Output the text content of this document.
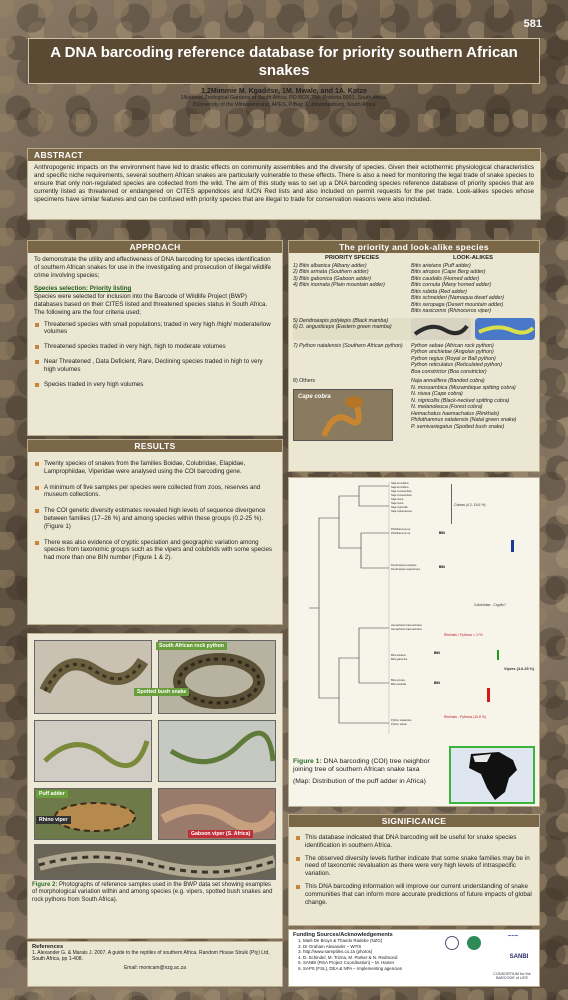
581
A DNA barcoding reference database for priority southern African snakes
1,2Mimmie M. Kgaditse, 1M. Mwale, and 1A. Kotze
1National Zoological Gardens of South Africa, PO BOX 754, Pretoria 0001, South Africa.
2University of the Witwatersrand, APES, P/Bag 3, Johannesburg, South Africa
ABSTRACT
Anthropogenic impacts on the environment have led to drastic effects on community assemblies and the diversity of species. Given their ectothermic physiological characteristics and specific niche requirements, several southern African snakes are particularly vulnerable to these effects. There is also a need for monitoring the legal trade of snake species to ensure that only non-regulated species are collected from the wild. The aim of this study was to set up a DNA barcoding species reference database of priority species that are currently listed as threatened or endangered on CITES appendices and IUCN Red lists and also included on permit requests for the pet trade. Look-alikes species whose specimens have similar features and can be confused with priority species that are illegal to trade for conservation reasons were also included.
APPROACH
To demonstrate the utility and effectiveness of DNA barcoding for species identification of southern African snakes for use in the investigating and prosecution of illegal wildlife crime involving species;
Species selection: Priority listing
Species were selected for inclusion into the Barcode of Wildlife Project (BWP) databases based on their CITES listed and threatened species status in South Africa. The following are the four criteria used;
Threatened species with small populations; traded in very high /high/ moderate/low volumes
Threatened species traded in very high, high to moderate volumes
Near Threatened , Data Deficient, Rare, Declining species traded in high to very high volumes
Species traded in very high volumes
RESULTS
Twenty species of snakes from the families Boidae, Colubridae, Elapidae, Lamprophiidae, Viperidae were analysed using the COI barcoding gene.
A minimum of five samples per species were collected from zoos, reserves and museum collections.
The COI genetic diversity estimates revealed high levels of sequence divergence between families (17–26 %) and among species within these groups (0.2-25 %). (Figure 1)
There was also evidence of cryptic speciation and geographic variation among species from taxonomic groups such as the vipers and colubrids with some species had more than one BIN number (Figure 1 & 2).
The priority and look-alike species
PRIORITY SPECIES	LOOK-ALIKES
1) Bitis albanica (Albany adder)
2) Bitis armata (Southern adder)
3) Bitis gabonica (Gaboon adder)
4) Bitis inornata (Plain mountain adder)
Bitis arietans (Puff adder)
Bitis atropos (Cape Berg adder)
Bitis caudalis (Horned adder)
Bitis cornuta (Many horned adder)
Bitis rubida (Red adder)
Bitis schneideri (Namaqua dwarf adder)
Bitis xeropaga (Desert mountain adder)
Bitis nasicornis (Rhinoceros viper)
5) Dendroaspis polylepis (Black mamba)
6) D. angusticeps (Eastern green mamba)
7) Python natalensis (Southern African python)	Python sebae (African rock python)
Python anchietae (Angolan python)
Python regius (Royal or Ball python)
Python reticulatus (Reticulated python)
Boa constrictor (Boa constrictor)
8) Others
Cape cobra
Naja annulifera (Banded cobra)
N. mossambica (Mozambique spitting cobra)
N. nivea (Cape cobra)
N. nigricollis (Black-necked spitting cobra)
N. melanoleuca (Forest cobra)
Hemachatus haemachatus (Rinkhals)
Philothamnus natalensis (Natal green snake)
P. semivariegatus (Spotted bush snake)
South African rock python
Spotted bush snake
Puff adder
Gaboon viper (S. Africa)
Rhino viper
Figure 2: Photographs of reference samples used in the BWP data set showing examples of morphological variation within and among species (e.g. vipers, spotted bush snakes and rock pythons from South Africa).
Naja annulifera
Naja annulifera
Naja mossambica
Naja mossambica
Naja nivea
Naja nivea
Naja nigricollis
Naja melanoleuca
Philothamnus sp.
Philothamnus sp.
Dendroaspis polylepis
Dendroaspis angusticeps
Hemachatus haemachatus
Hemachatus haemachatus
Bitis arietans
Bitis gabonica
Bitis armata
Bitis caudalis
Python natalensis
Python sebae
Cobras (4.2- 15.6 %)
Colubridae - Cryptic?
Rinkhals / Pythons < 17%
Vipers (4.6-25 %)
Rinkhals - Pythons (10.8 %)
BIN
BIN
BIN
BIN
Figure 1: DNA barcoding (COI) tree neighbor joining tree of southern African snake taxa
(Map: Distribution of the puff adder in Africa)
SIGNIFICANCE
This database indicated that DNA barcoding will be useful for snake species identification in southern Africa.
The observed diversity levels further indicate that some snake families may be in need of taxonomic revaluation as there were very high levels of intraspecific variation.
This DNA barcoding information will improve our current understanding of snake communities that can inform more accurate predictions of future impacts of global change.
Funding Sources/Acknowledgements
1. Marli De Bruyn & Thando Radebe (NZG)
2. Dr Graham Alexander – WITS
3. http://www.sareptiles.co.za (photos)
4. D. Schindel, M. Trizna, M. Parker & N. Redmond
5. SANBI (RSA Project Coordination) – M. Hamer
6. SAPS (FSL), DEA & NPA – Implementing agencies
~~~
SANBI
CONSORTIUM for the BARCODE of LIFE
References
1. Alexander G. & Marais J. 2007. A guide to the reptiles of southern Africa. Random House Struik (Pty) Ltd, South Africa, pp 1-408.
Email: monicam@nzg.ac.za
